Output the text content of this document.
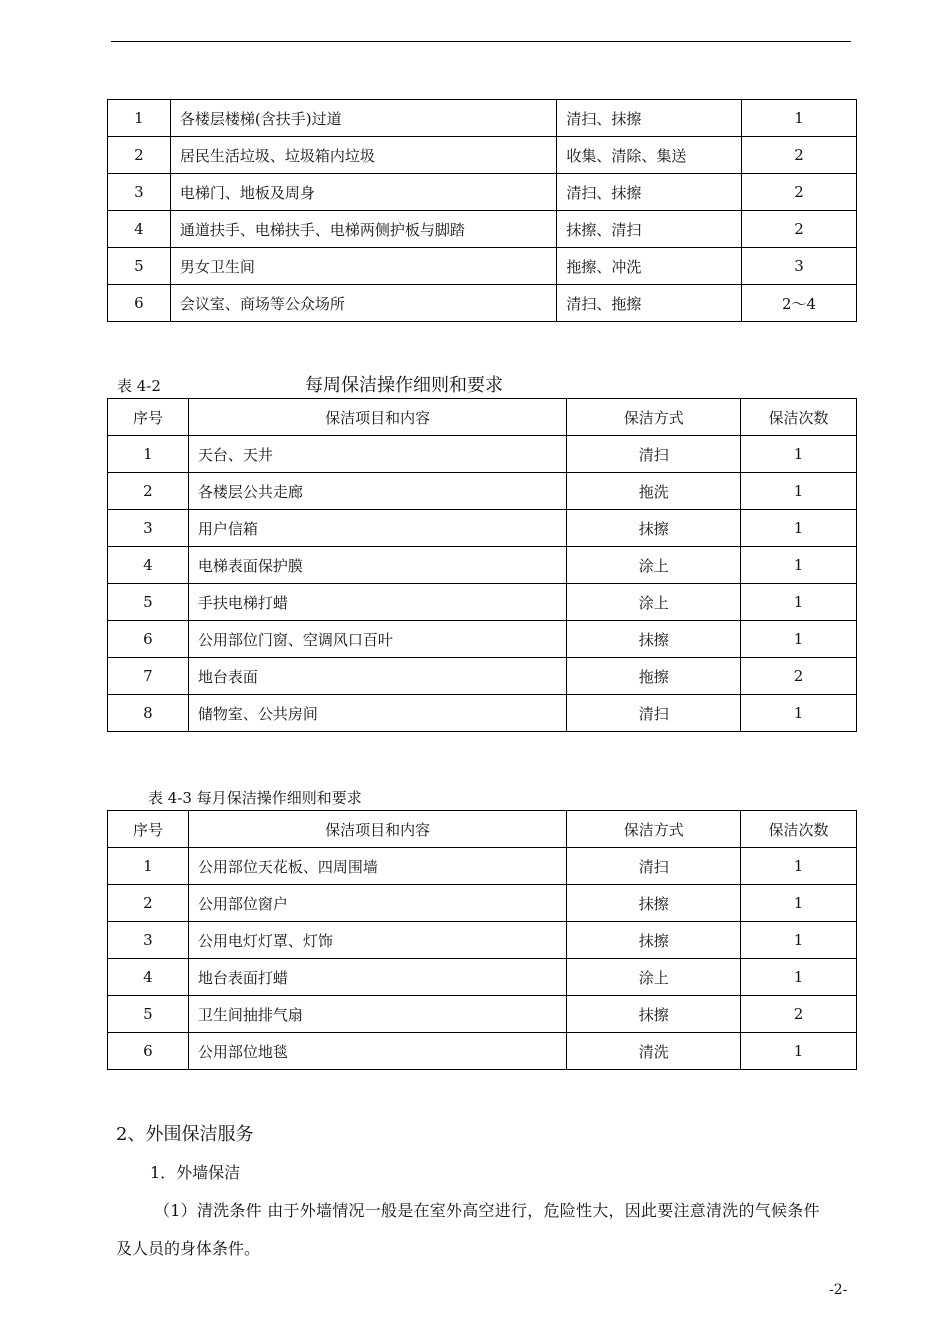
1	各楼层楼梯(含扶手)过道	清扫、抹擦	1
2	居民生活垃圾、垃圾箱内垃圾	收集、清除、集送	2
3	电梯门、地板及周身	清扫、抹擦	2
4	通道扶手、电梯扶手、电梯两侧护板与脚踏	抹擦、清扫	2
5	男女卫生间	拖擦、冲洗	3
6	会议室、商场等公众场所	清扫、拖擦	2～4
表 4-2	每周保洁操作细则和要求
序号	保洁项目和内容	保洁方式	保洁次数
1	天台、天井	清扫	1
2	各楼层公共走廊	拖洗	1
3	用户信箱	抹擦	1
4	电梯表面保护膜	涂上	1
5	手扶电梯打蜡	涂上	1
6	公用部位门窗、空调风口百叶	抹擦	1
7	地台表面	拖擦	2
8	储物室、公共房间	清扫	1
表 4-3 每月保洁操作细则和要求
序号	保洁项目和内容	保洁方式	保洁次数
1	公用部位天花板、四周围墙	清扫	1
2	公用部位窗户	抹擦	1
3	公用电灯灯罩、灯饰	抹擦	1
4	地台表面打蜡	涂上	1
5	卫生间抽排气扇	抹擦	2
6	公用部位地毯	清洗	1
2、外围保洁服务
1．外墙保洁
（1）清洗条件 由于外墙情况一般是在室外高空进行，危险性大，因此要注意清洗的气候条件
及人员的身体条件。
-2-
